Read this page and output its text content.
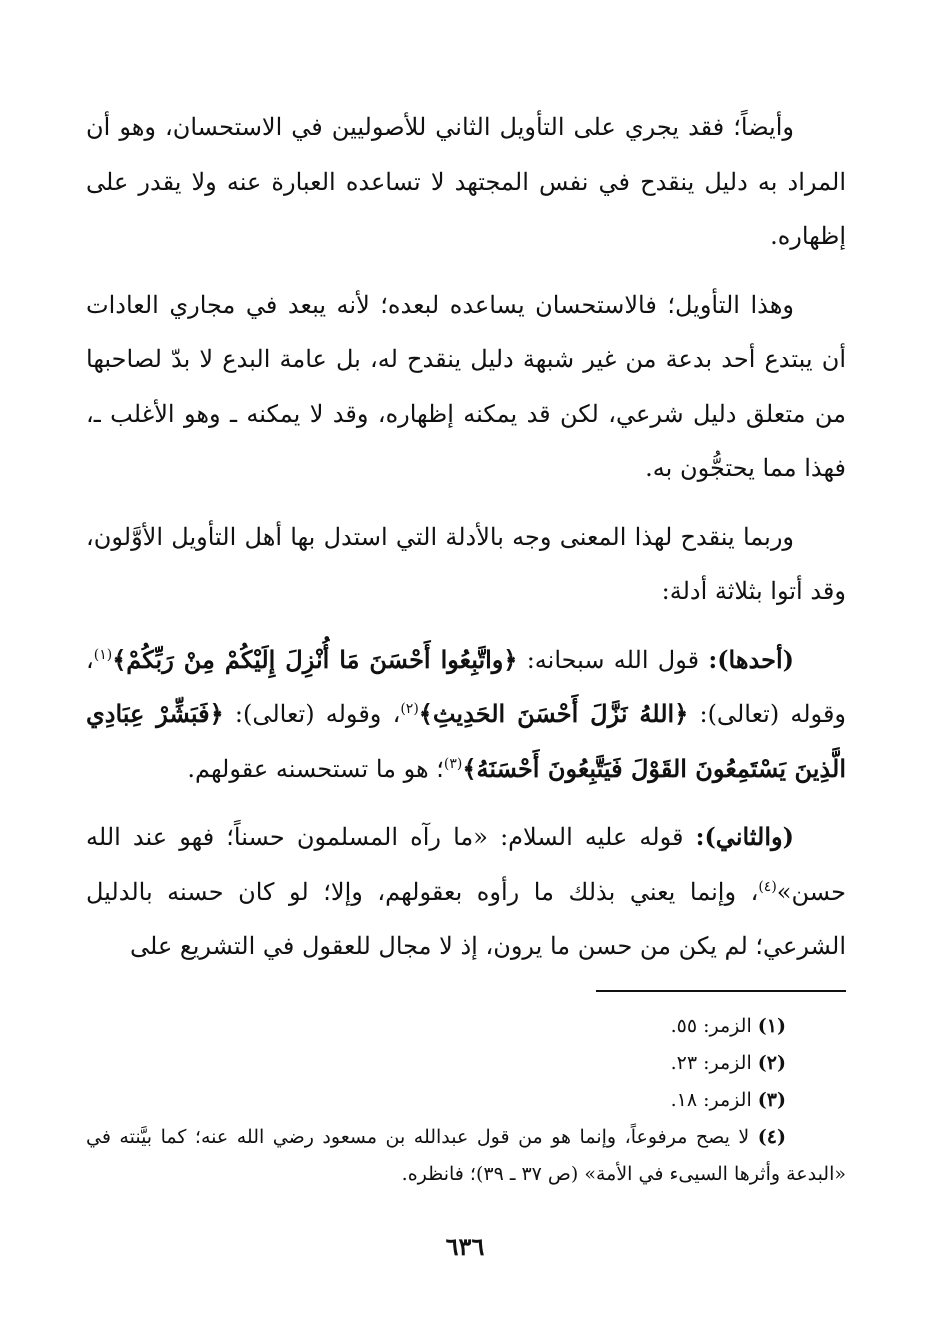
وأيضاً؛ فقد يجري على التأويل الثاني للأصوليين في الاستحسان، وهو أن المراد به دليل ينقدح في نفس المجتهد لا تساعده العبارة عنه ولا يقدر على إظهاره.

وهذا التأويل؛ فالاستحسان يساعده لبعده؛ لأنه يبعد في مجاري العادات أن يبتدع أحد بدعة من غير شبهة دليل ينقدح له، بل عامة البدع لا بدّ لصاحبها من متعلق دليل شرعي، لكن قد يمكنه إظهاره، وقد لا يمكنه ـ وهو الأغلب ـ، فهذا مما يحتجُّون به.

وربما ينقدح لهذا المعنى وجه بالأدلة التي استدل بها أهل التأويل الأوَّلون، وقد أتوا بثلاثة أدلة:

(أحدها): قول الله سبحانه: ﴿واتَّبِعُوا أَحْسَنَ مَا أُنْزِلَ إِلَيْكُمْ مِنْ رَبِّكُمْ﴾$^{(١)}$، وقوله (تعالى): ﴿اللهُ نَزَّلَ أَحْسَنَ الحَدِيثِ﴾$^{(٢)}$، وقوله (تعالى): ﴿فَبَشِّرْ عِبَادِي الَّذِينَ يَسْتَمِعُونَ القَوْلَ فَيَتَّبِعُونَ أَحْسَنَهُ﴾$^{(٣)}$؛ هو ما تستحسنه عقولهم.

(والثاني): قوله عليه السلام: «ما رآه المسلمون حسناً؛ فهو عند الله حسن»$^{(٤)}$، وإنما يعني بذلك ما رأوه بعقولهم، وإلا؛ لو كان حسنه بالدليل الشرعي؛ لم يكن من حسن ما يرون، إذ لا مجال للعقول في التشريع على

(١) الزمر: ٥٥.

(٢) الزمر: ٢٣.

(٣) الزمر: ١٨.

(٤) لا يصح مرفوعاً، وإنما هو من قول عبدالله بن مسعود رضي الله عنه؛ كما بيَّنته في «البدعة وأثرها السيىء في الأمة» (ص ٣٧ ـ ٣٩)؛ فانظره.

٦٣٦
